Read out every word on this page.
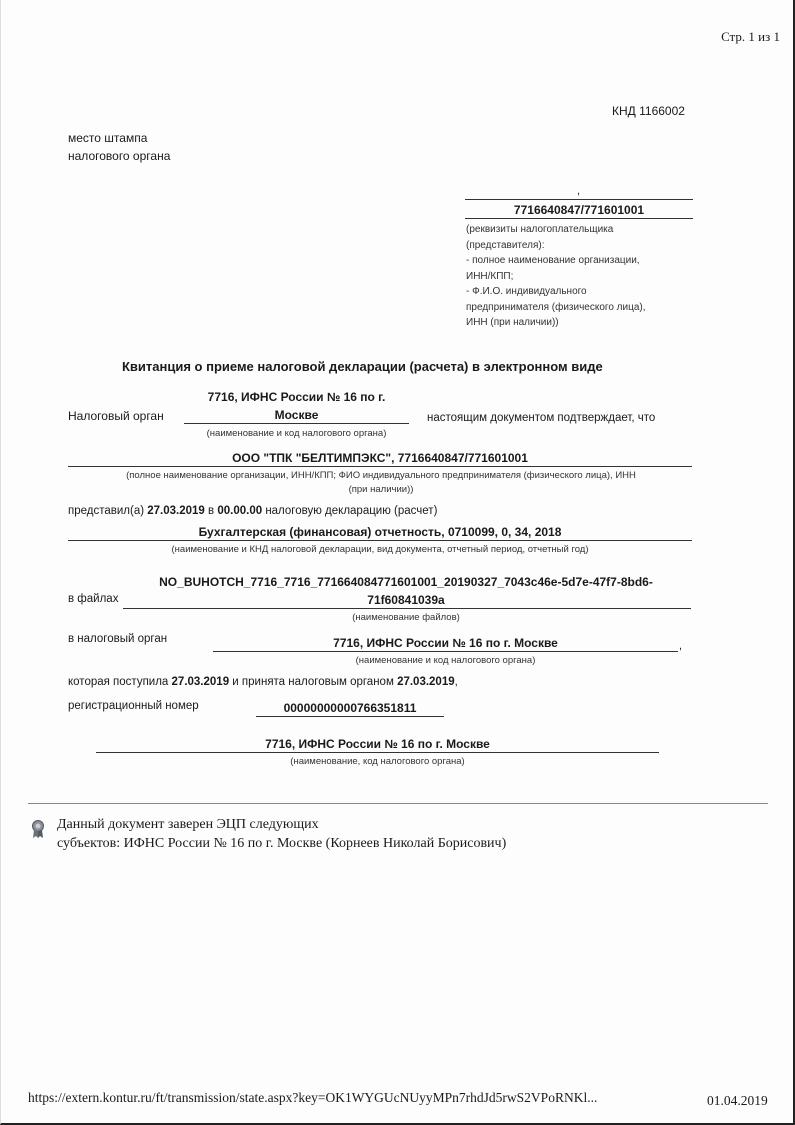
Стр. 1 из 1
КНД 1166002
место штампа
налогового органа
,
7716640847/771601001
(реквизиты налогоплательщика
(представителя):
- полное наименование организации,
ИНН/КПП;
- Ф.И.О. индивидуального
предпринимателя (физического лица),
ИНН (при наличии))
Квитанция о приеме налоговой декларации (расчета) в электронном виде
7716, ИФНС России № 16 по г.
Налоговый орган	Москве	настоящим документом подтверждает, что
(наименование и код налогового органа)
ООО "ТПК "БЕЛТИМПЭКС", 7716640847/771601001
(полное наименование организации, ИНН/КПП; ФИО индивидуального предпринимателя (физического лица), ИНН
(при наличии))
представил(а) 27.03.2019 в 00.00.00 налоговую декларацию (расчет)
Бухгалтерская (финансовая) отчетность, 0710099, 0, 34, 2018
(наименование и КНД налоговой декларации, вид документа, отчетный период, отчетный год)
NO_BUHOTCH_7716_7716_771664084771601001_20190327_7043c46e-5d7e-47f7-8bd6-
в файлах	71f60841039a
(наименование файлов)
в налоговый орган	7716, ИФНС России № 16 по г. Москве	,
(наименование и код налогового органа)
которая поступила 27.03.2019 и принята налоговым органом 27.03.2019,
регистрационный номер	00000000000766351811
7716, ИФНС России № 16 по г. Москве
(наименование, код налогового органа)
Данный документ заверен ЭЦП следующих
субъектов: ИФНС России № 16 по г. Москве (Корнеев Николай Борисович)
https://extern.kontur.ru/ft/transmission/state.aspx?key=OK1WYGUcNUyyMPn7rhdJd5rwS2VPoRNKl...	01.04.2019
